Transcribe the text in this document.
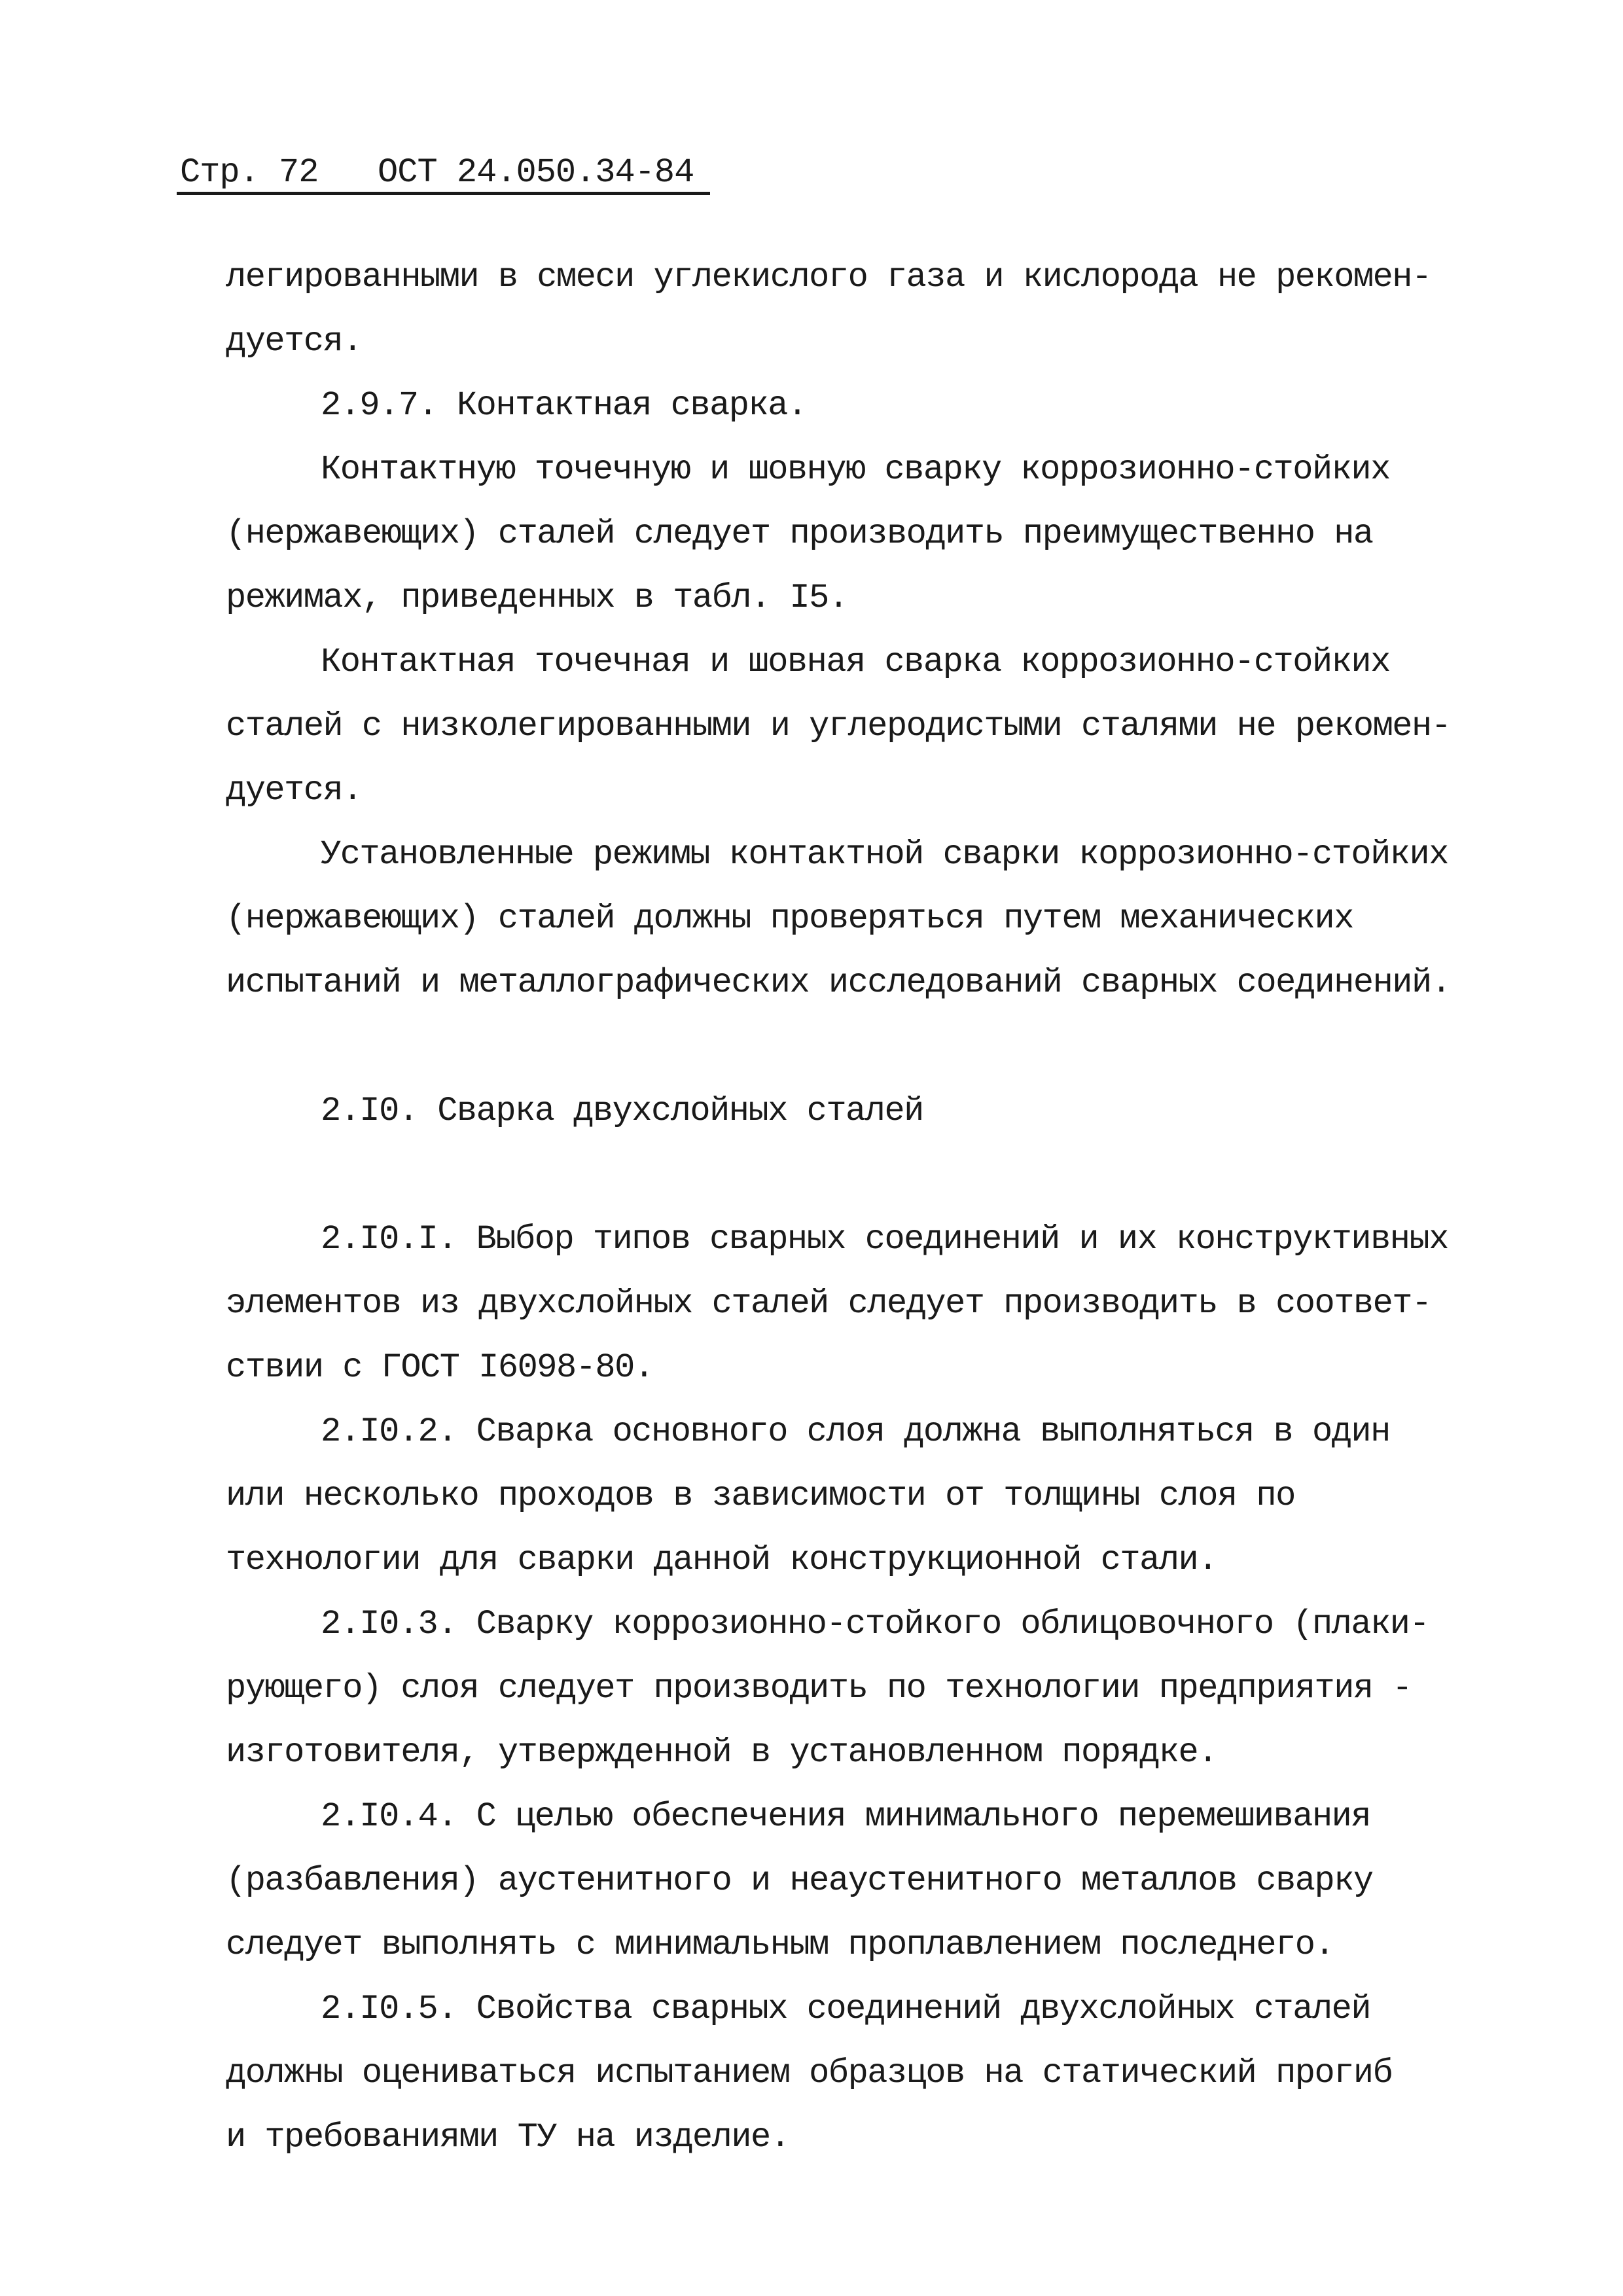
Стр. 72   ОСТ 24.050.34-84
легированными в смеси углекислого газа и кислорода не рекомен-
дуется.
2.9.7. Контактная сварка.
Контактную точечную и шовную сварку коррозионно-стойких
(нержавеющих) сталей следует производить преимущественно на
режимах, приведенных в табл. I5.
Контактная точечная и шовная сварка коррозионно-стойких
сталей с низколегированными и углеродистыми сталями не рекомен-
дуется.
Установленные режимы контактной сварки коррозионно-стойких
(нержавеющих) сталей должны проверяться путем механических
испытаний и металлографических исследований сварных соединений.
2.I0. Сварка двухслойных сталей
2.I0.I. Выбор типов сварных соединений и их конструктивных
элементов из двухслойных сталей следует производить в соответ-
ствии с ГОСТ I6098-80.
2.I0.2. Сварка основного слоя должна выполняться в один
или несколько проходов в зависимости от толщины слоя по
технологии для сварки данной конструкционной стали.
2.I0.3. Сварку коррозионно-стойкого облицовочного (плаки-
рующего) слоя следует производить по технологии предприятия -
изготовителя, утвержденной в установленном порядке.
2.I0.4. С целью обеспечения минимального перемешивания
(разбавления) аустенитного и неаустенитного металлов сварку
следует выполнять с минимальным проплавлением последнего.
2.I0.5. Свойства сварных соединений двухслойных сталей
должны оцениваться испытанием образцов на статический прогиб
и требованиями ТУ на изделие.
